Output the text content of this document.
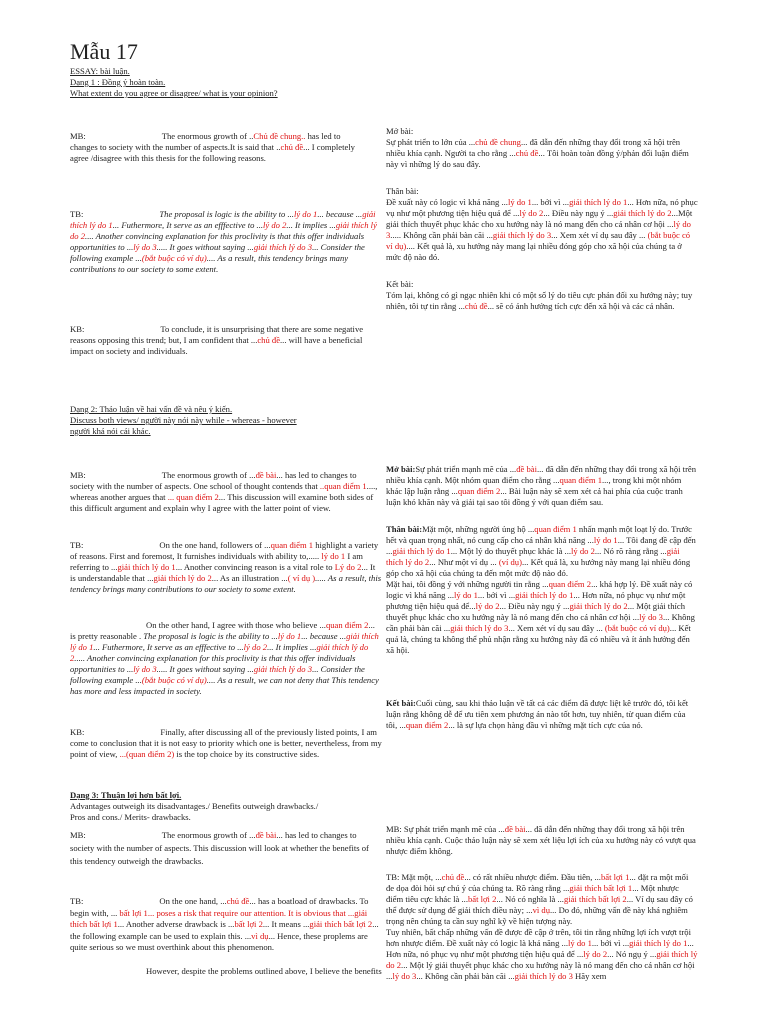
Mẫu 17
ESSAY: bài luận.
Dạng 1 : Đồng ý hoàn toàn.
What extent do you agree or disagree/ what is your opinion?
MB:	The enormous growth of ..Chủ đề chung.. has led to changes to society with the number of aspects.It is said that ..chủ đề... I completely agree /disagree with this thesis for the following reasons.
TB:	The proposal is logic is the ability to ...lý do 1... because ...giải thích lý do 1... Futhermore, It serve as an efffective to ...lý do 2... It implies ...giải thích lý do 2.... Another convincing explanation for this proclivity is that this offer individuals opportunities to ...lý do 3..... It goes without saying ...giải thích lý do 3... Consider the following example ...(bắt buộc có ví dụ).... As a result, this tendency brings many contributions to our society to some extent.
KB:	To conclude, it is unsurprising that there are some negative reasons opposing this trend; but, I am confident that ...chủ đề... will have a beneficial impact on society and individuals.
Mở bài:
Sự phát triển to lớn của ...chủ đề chung... đã dẫn đến những thay đổi trong xã hội trên nhiều khía cạnh. Người ta cho rằng ...chủ đề... Tôi hoàn toàn đồng ý/phản đối luận điểm này vì những lý do sau đây.
Thân bài:
Đề xuất này có logic vì khả năng ...lý do 1... bởi vì ...giải thích lý do 1... Hơn nữa, nó phục vụ như một phương tiện hiệu quả để ...lý do 2... Điều này ngụ ý ...giải thích lý do 2...Một giải thích thuyết phục khác cho xu hướng này là nó mang đến cho cá nhân cơ hội ...lý do 3..... Không cần phải bàn cãi ...giải thích lý do 3... Xem xét ví dụ sau đây ... (bắt buộc có ví dụ).... Kết quả là, xu hướng này mang lại nhiều đóng góp cho xã hội của chúng ta ở mức độ nào đó.
Kết bài:
Tóm lại, không có gì ngạc nhiên khi có một số lý do tiêu cực phản đối xu hướng này; tuy nhiên, tôi tự tin rằng ...chủ đề... sẽ có ảnh hưởng tích cực đến xã hội và các cá nhân.
Dạng 2: Thảo luận về hai vấn đề và nêu ý kiến.
Discuss both views/ người này nói này while - whereas - however
người khá nói cái khác.
MB:	The enormous growth of ...đề bài... has led to changes to society with the number of aspects. One school of thought contends that ..quan điểm 1...., whereas another argues that ... quan điểm 2... This discussion will examine both sides of this difficult argument and explain why I agree with the latter point of view.
TB:	On the one hand, followers of ...quan điểm 1 highlight a variety of reasons. First and foremost, It furnishes individuals with ability to,..... lý do 1 I am referring to ...giải thích lý do 1... Another convincing reason is a vital role to Lý do 2... It is understandable that ...giải thích lý do 2... As an illustration ...( ví dụ )..... As a result, this tendency brings many contributions to our society to some extent.
On the other hand, I agree with those who believe ...quan điểm 2... is pretty reasonable . The proposal is logic is the ability to ...lý do 1... because ...giải thích lý do 1... Futhermore, It serve as an efffective to ...lý do 2... It implies ...giải thích lý do 2..... Another convincing explanation for this proclivity is that this offer individuals opportunities to ...lý do 3..... It goes without saying ...giải thích lý do 3... Consider the following example ...(bắt buộc có ví dụ).... As a result, we can not deny that This tendency has more and less impacted in society.
KB:	Finally, after discussing all of the previously listed points, I am come to conclusion that it is not easy to priority which one is better, nevertheless, from my point of view, ...(quan điểm 2) is the top choice by its constructive sides.
Mở bài:Sự phát triển mạnh mẽ của ...đề bài... đã dẫn đến những thay đổi trong xã hội trên nhiều khía cạnh. Một nhóm quan điểm cho rằng ...quan điểm 1..., trong khi một nhóm khác lập luận rằng ...quan điểm 2... Bài luận này sẽ xem xét cả hai phía của cuộc tranh luận khó khăn này và giải tại sao tôi đồng ý với quan điểm sau.
Thân bài:Mặt một, những người ủng hộ ...quan điểm 1 nhấn mạnh một loạt lý do. Trước hết và quan trọng nhất, nó cung cấp cho cá nhân khả năng ...lý do 1... Tôi đang đề cập đến ...giải thích lý do 1... Một lý do thuyết phục khác là ...lý do 2... Nó rõ ràng rằng ...giải thích lý do 2... Như một ví dụ ... (ví dụ)... Kết quả là, xu hướng này mang lại nhiều đóng góp cho xã hội của chúng ta đến một mức độ nào đó.
Mặt hai, tôi đồng ý với những người tin rằng ...quan điểm 2... khá hợp lý. Đề xuất này có logic vì khả năng ...lý do 1... bởi vì ...giải thích lý do 1... Hơn nữa, nó phục vụ như một phương tiện hiệu quả để...lý do 2... Điều này ngụ ý ...giải thích lý do 2... Một giải thích thuyết phục khác cho xu hướng này là nó mang đến cho cá nhân cơ hội ...lý do 3... Không cần phải bàn cãi ...giải thích lý do 3... Xem xét ví dụ sau đây ... (bắt buộc có ví dụ)... Kết quả là, chúng ta không thể phủ nhận rằng xu hướng này đã có nhiều và ít ảnh hưởng đến xã hội.
Kết bài:Cuối cùng, sau khi thảo luận về tất cả các điểm đã được liệt kê trước đó, tôi kết luận rằng không dễ để ưu tiên xem phương án nào tốt hơn, tuy nhiên, từ quan điểm của tôi, ...quan điểm 2... là sự lựa chọn hàng đầu vì những mặt tích cực của nó.
Dạng 3: Thuận lợi hơn bất lợi.
Advantages outweigh its disadvantages./ Benefits outweigh drawbacks./
Pros and cons./ Merits- drawbacks.
MB:	The enormous growth of ...đề bài... has led to changes to society with the number of aspects. This discussion will look at whether the benefits of this tendency outweigh the drawbacks.
TB:	On the one hand, ...chủ đề... has a boatload of drawbacks. To begin with, ... bất lợi 1... poses a risk that require our attention. It is obvious that ...giải thích bất lợi 1... Another adverse drawback is ...bất lợi 2... It means ...giải thích bất lợi 2... the following example can be used to explain this. ...vì dụ... Hence, these proplems are quite serious so we must overthink about this phenomenon.
However, despite the problems outlined above, I believe the benefits
MB: Sự phát triển mạnh mẽ của ...đề bài... đã dẫn đến những thay đổi trong xã hội trên nhiều khía cạnh. Cuộc thảo luận này sẽ xem xét liệu lợi ích của xu hướng này có vượt qua nhược điểm không.
TB: Mặt một, ...chủ đề... có rất nhiều nhược điểm. Đầu tiên, ...bất lợi 1... đặt ra một mối đe dọa đòi hỏi sự chú ý của chúng ta. Rõ ràng rằng ...giải thích bất lợi 1... Một nhược điểm tiêu cực khác là ...bất lợi 2... Nó có nghĩa là ...giải thích bất lợi 2... Ví dụ sau đây có thể được sử dụng để giải thích điều này; ...vì dụ... Do đó, những vấn đề này khá nghiêm trọng nên chúng ta cần suy nghĩ kỹ về hiện tượng này.
Tuy nhiên, bất chấp những vấn đề được đề cập ở trên, tôi tin rằng những lợi ích vượt trội hơn nhược điểm. Đề xuất này có logic là khả năng ...lý do 1... bởi vì ...giải thích lý do 1... Hơn nữa, nó phục vụ như một phương tiện hiệu quả để ...lý do 2... Nó ngụ ý ...giải thích lý do 2... Một lý giải thuyết phục khác cho xu hướng này là nó mang đến cho cá nhân cơ hội ...lý do 3... Không cần phải bàn cãi ...giải thích lý do 3 Hãy xem
